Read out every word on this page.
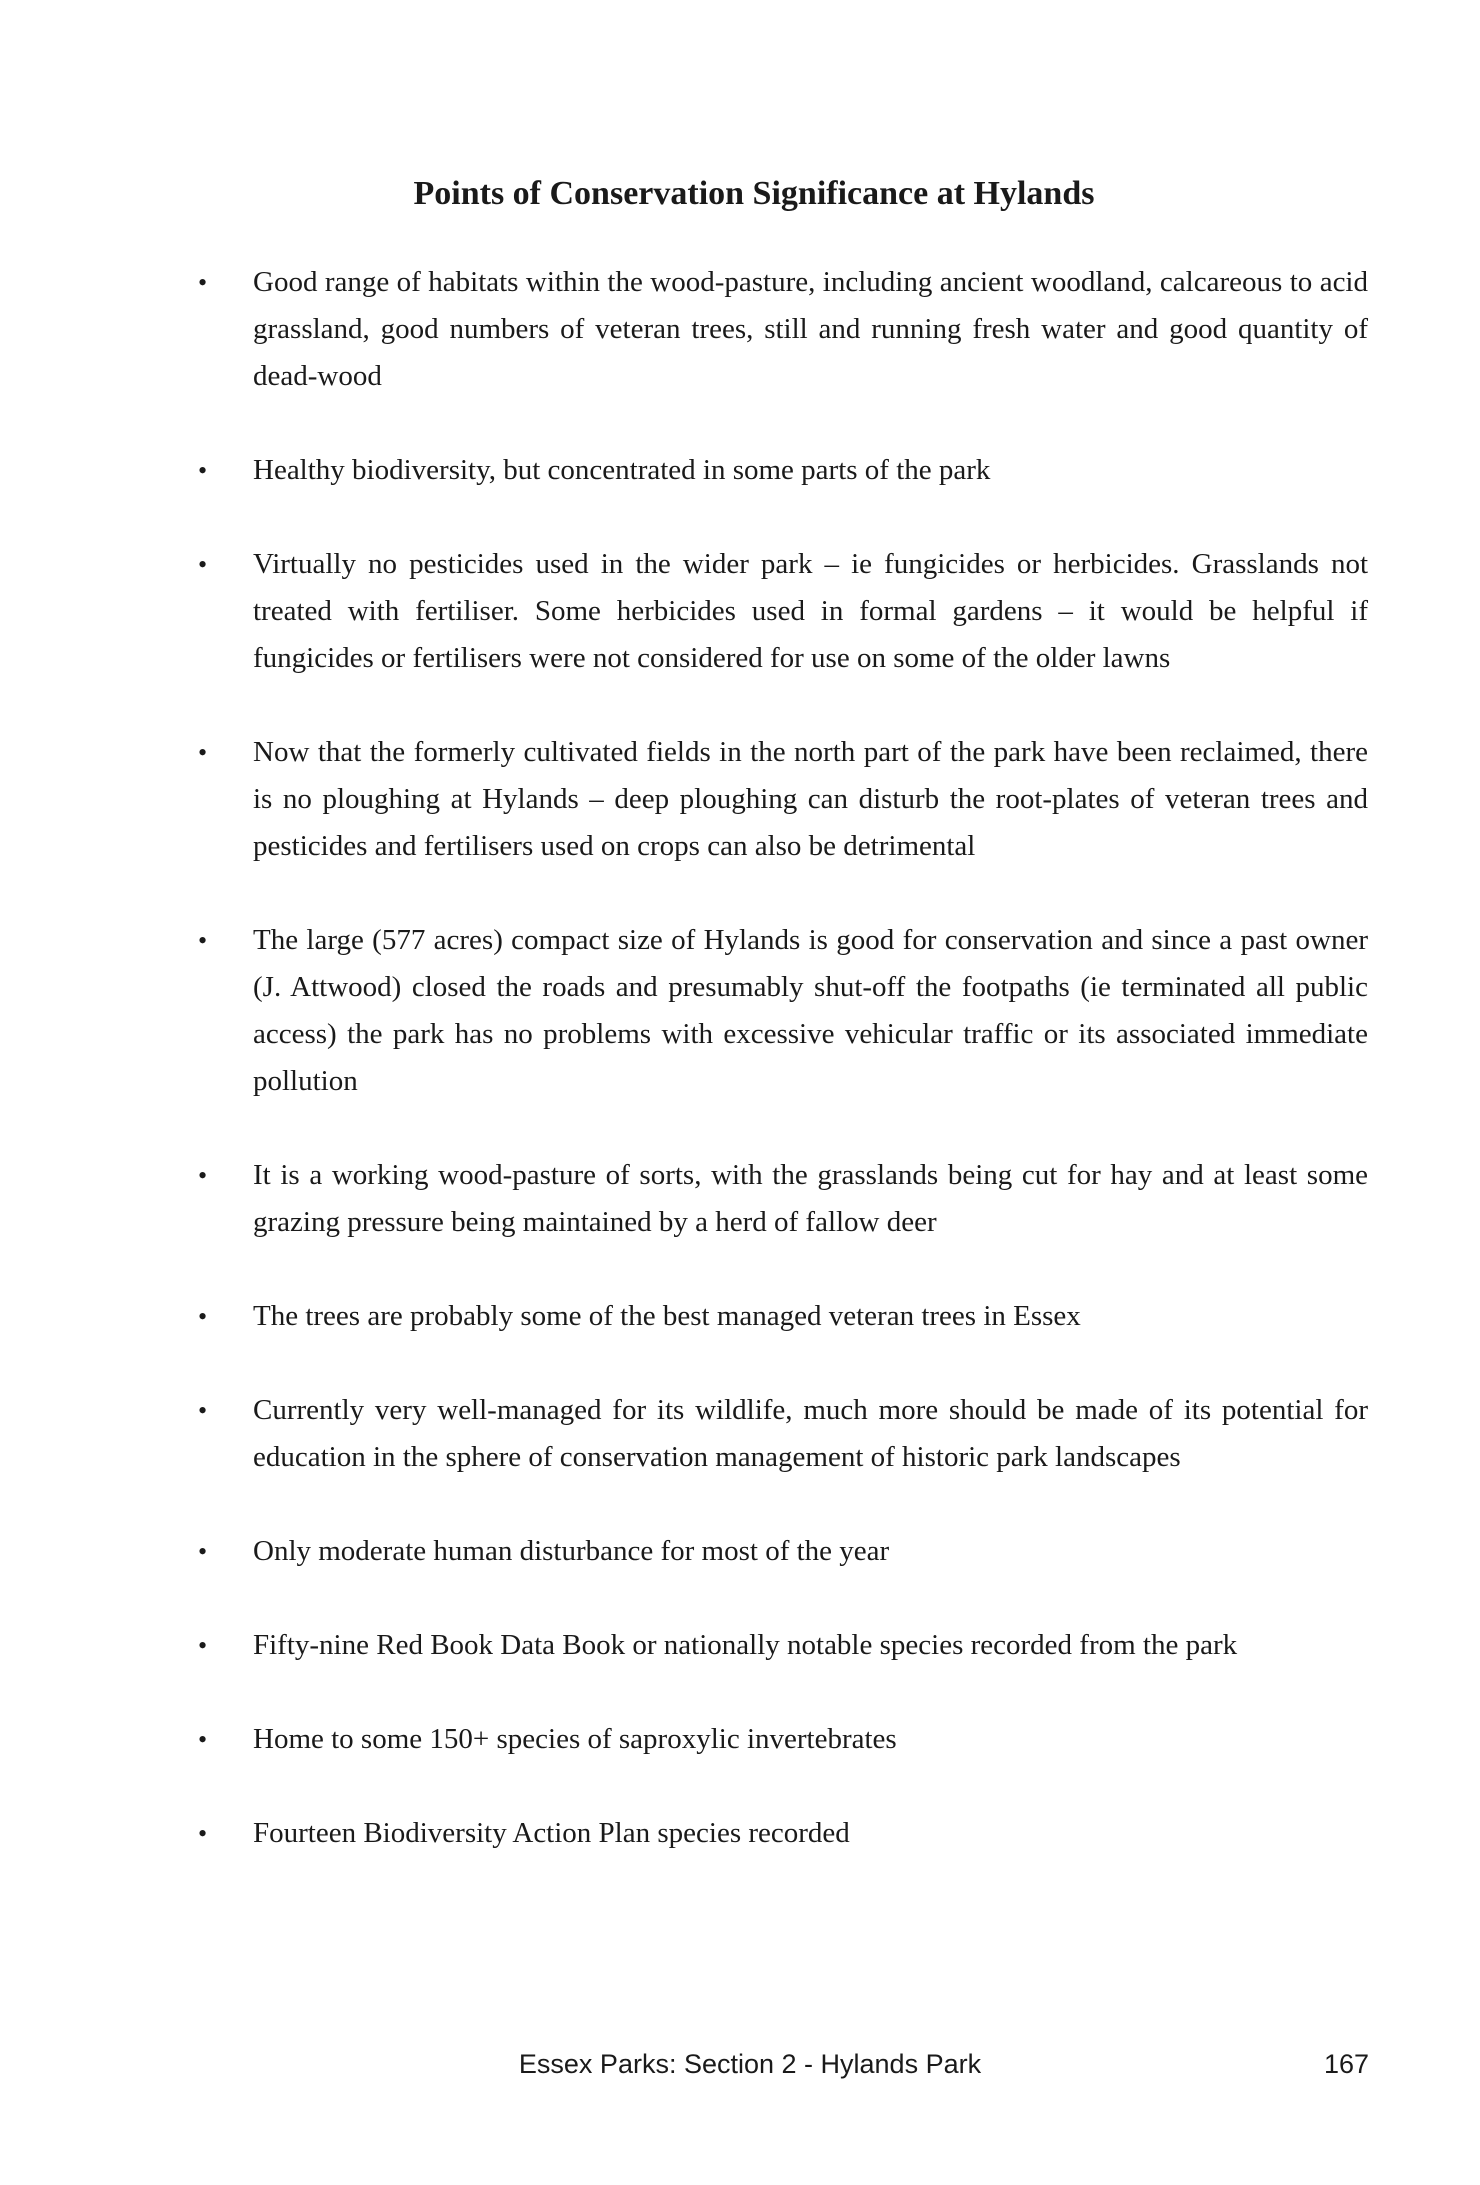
Points of Conservation Significance at Hylands
•	Good range of habitats within the wood-pasture, including ancient woodland, calcareous to acid grassland, good numbers of veteran trees, still and running fresh water and good quantity of dead-wood
•	Healthy biodiversity, but concentrated in some parts of the park
•	Virtually no pesticides used in the wider park – ie fungicides or herbicides. Grasslands not treated with fertiliser. Some herbicides used in formal gardens – it would be helpful if fungicides or fertilisers were not considered for use on some of the older lawns
•	Now that the formerly cultivated fields in the north part of the park have been reclaimed, there is no ploughing at Hylands – deep ploughing can disturb the root-plates of veteran trees and pesticides and fertilisers used on crops can also be detrimental
•	The large (577 acres) compact size of Hylands is good for conservation and since a past owner (J. Attwood) closed the roads and presumably shut-off the footpaths (ie terminated all public access) the park has no problems with excessive vehicular traffic or its associated immediate pollution
•	It is a working wood-pasture of sorts, with the grasslands being cut for hay and at least some grazing pressure being maintained by a herd of fallow deer
•	The trees are probably some of the best managed veteran trees in Essex
•	Currently very well-managed for its wildlife, much more should be made of its potential for education in the sphere of conservation management of historic park landscapes
•	Only moderate human disturbance for most of the year
•	Fifty-nine Red Book Data Book or nationally notable species recorded from the park
•	Home to some 150+ species of saproxylic invertebrates
•	Fourteen Biodiversity Action Plan species recorded

Essex Parks: Section 2 - Hylands Park	167
